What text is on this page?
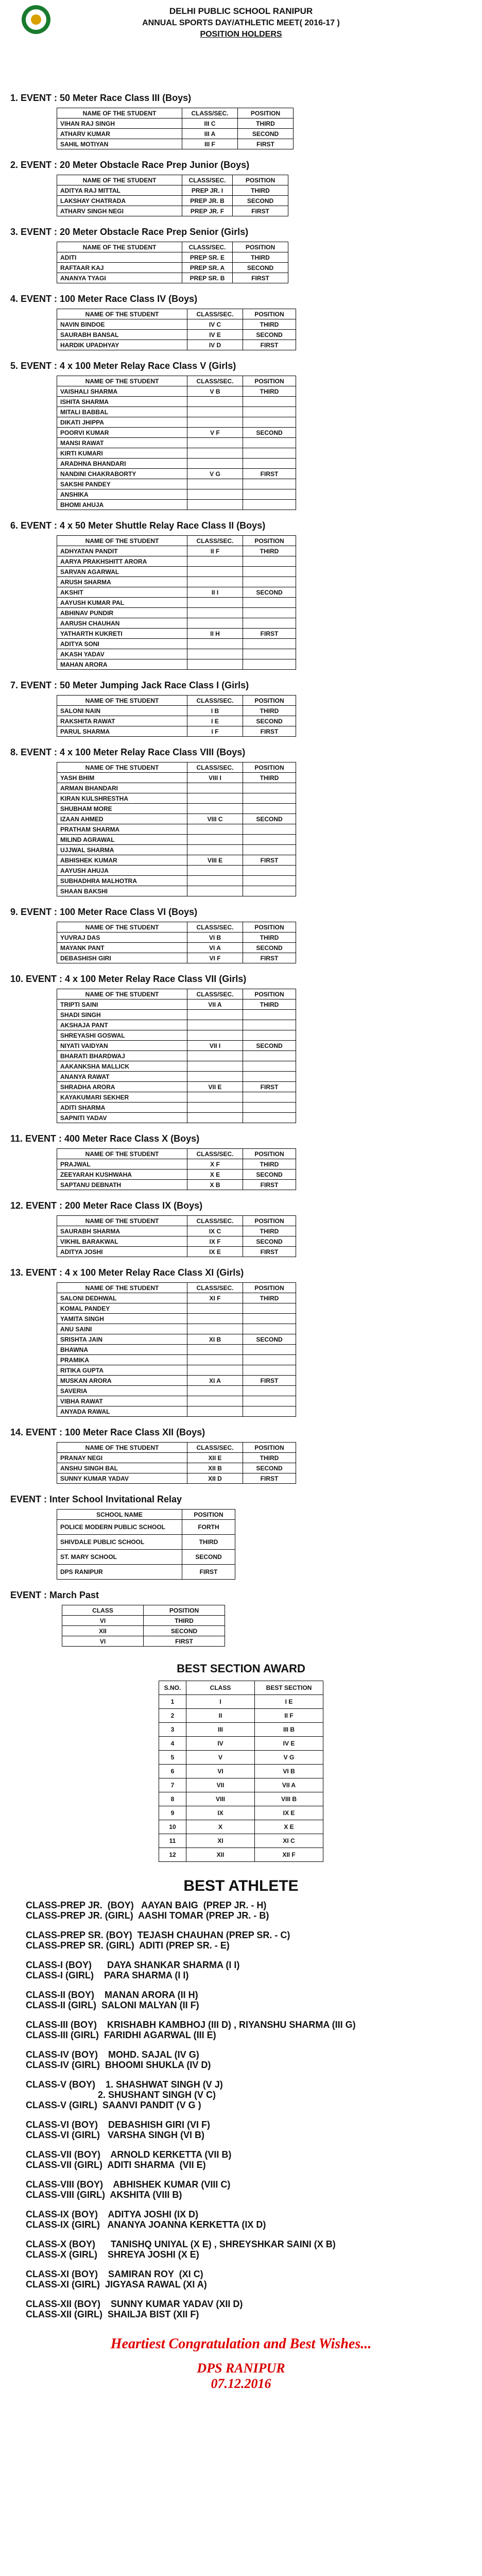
DELHI PUBLIC SCHOOL RANIPUR
ANNUAL SPORTS DAY/ATHLETIC MEET( 2016-17 )
POSITION HOLDERS
1. EVENT : 50 Meter Race Class III (Boys)
NAME OF THE STUDENT	CLASS/SEC.	POSITION
VIHAN RAJ SINGH	III C	THIRD
ATHARV KUMAR	III A	SECOND
SAHIL MOTIYAN	III F	FIRST
2. EVENT : 20 Meter Obstacle Race Prep Junior (Boys)
NAME OF THE STUDENT	CLASS/SEC.	POSITION
ADITYA RAJ MITTAL	PREP JR. I	THIRD
LAKSHAY CHATRADA	PREP JR. B	SECOND
ATHARV SINGH NEGI	PREP JR. F	FIRST
3. EVENT : 20 Meter Obstacle Race Prep Senior (Girls)
NAME OF THE STUDENT	CLASS/SEC.	POSITION
ADITI	PREP SR. E	THIRD
RAFTAAR KAJ	PREP SR. A	SECOND
ANANYA TYAGI	PREP SR. B	FIRST
4. EVENT : 100 Meter Race Class IV (Boys)
NAME OF THE STUDENT	CLASS/SEC.	POSITION
NAVIN BINDOE	IV C	THIRD
SAURABH BANSAL	IV E	SECOND
HARDIK UPADHYAY	IV D	FIRST
5. EVENT : 4 x 100 Meter Relay Race Class V (Girls)
NAME OF THE STUDENT	CLASS/SEC.	POSITION
VAISHALI SHARMA	V B	THIRD
ISHITA SHARMA		
MITALI BABBAL		
DIKATI JHIPPA		
POORVI KUMAR	V F	SECOND
MANSI RAWAT		
KIRTI KUMARI		
ARADHNA BHANDARI		
NANDINI CHAKRABORTY	V G	FIRST
SAKSHI PANDEY		
ANSHIKA		
BHOMI AHUJA		
6. EVENT : 4 x 50 Meter Shuttle Relay Race Class II (Boys)
NAME OF THE STUDENT	CLASS/SEC.	POSITION
ADHYATAN PANDIT	II F	THIRD
AARYA PRAKHSHITT ARORA		
SARVAN AGARWAL		
ARUSH SHARMA		
AKSHIT	II I	SECOND
AAYUSH KUMAR PAL		
ABHINAV PUNDIR		
AARUSH CHAUHAN		
YATHARTH KUKRETI	II H	FIRST
ADITYA SONI		
AKASH YADAV		
MAHAN ARORA		
7. EVENT : 50 Meter Jumping Jack Race Class I (Girls)
NAME OF THE STUDENT	CLASS/SEC.	POSITION
SALONI NAIN	I B	THIRD
RAKSHITA RAWAT	I E	SECOND
PARUL SHARMA	I F	FIRST
8. EVENT : 4 x 100 Meter Relay Race Class VIII (Boys)
NAME OF THE STUDENT	CLASS/SEC.	POSITION
YASH BHIM	VIII I	THIRD
ARMAN BHANDARI		
KIRAN KULSHRESTHA		
SHUBHAM MORE		
IZAAN AHMED	VIII C	SECOND
PRATHAM SHARMA		
MILIND AGRAWAL		
UJJWAL SHARMA		
ABHISHEK KUMAR	VIII E	FIRST
AAYUSH AHUJA		
SUBHADHRA MALHOTRA		
SHAAN BAKSHI		
9. EVENT : 100 Meter Race Class VI (Boys)
NAME OF THE STUDENT	CLASS/SEC.	POSITION
YUVRAJ DAS	VI B	THIRD
MAYANK PANT	VI A	SECOND
DEBASHISH GIRI	VI F	FIRST
10. EVENT : 4 x 100 Meter Relay Race Class VII (Girls)
NAME OF THE STUDENT	CLASS/SEC.	POSITION
TRIPTI SAINI	VII A	THIRD
SHADI SINGH		
AKSHAJA PANT		
SHREYASHI GOSWAL		
NIYATI VAIDYAN	VII I	SECOND
BHARATI BHARDWAJ		
AAKANKSHA MALLICK		
ANANYA RAWAT		
SHRADHA ARORA	VII E	FIRST
KAYAKUMARI SEKHER		
ADITI SHARMA		
SAPNITI YADAV		
11. EVENT : 400 Meter Race Class X (Boys)
NAME OF THE STUDENT	CLASS/SEC.	POSITION
PRAJWAL	X F	THIRD
ZEEYARAH KUSHWAHA	X E	SECOND
SAPTANU DEBNATH	X B	FIRST
12. EVENT : 200 Meter Race Class IX (Boys)
NAME OF THE STUDENT	CLASS/SEC.	POSITION
SAURABH SHARMA	IX C	THIRD
VIKHIL BARAKWAL	IX F	SECOND
ADITYA JOSHI	IX E	FIRST
13. EVENT : 4 x 100 Meter Relay Race Class XI (Girls)
NAME OF THE STUDENT	CLASS/SEC.	POSITION
SALONI DEDHWAL	XI F	THIRD
KOMAL PANDEY		
YAMITA SINGH		
ANU SAINI		
SRISHTA JAIN	XI B	SECOND
BHAWNA		
PRAMIKA		
RITIKA GUPTA		
MUSKAN ARORA	XI A	FIRST
SAVERIA		
VIBHA RAWAT		
ANYADA RAWAL		
14. EVENT : 100 Meter Race Class XII (Boys)
NAME OF THE STUDENT	CLASS/SEC.	POSITION
PRANAY NEGI	XII E	THIRD
ANSHU SINGH BAL	XII B	SECOND
SUNNY KUMAR YADAV	XII D	FIRST
EVENT : Inter School Invitational Relay
SCHOOL NAME	POSITION
POLICE MODERN PUBLIC SCHOOL	FORTH
SHIVDALE PUBLIC SCHOOL	THIRD
ST. MARY SCHOOL	SECOND
DPS RANIPUR	FIRST
EVENT : March Past
CLASS	POSITION
VI	THIRD
XII	SECOND
VI	FIRST
BEST SECTION AWARD
S.NO.	CLASS	BEST SECTION
1	I	I E
2	II	II F
3	III	III B
4	IV	IV E
5	V	V G
6	VI	VI B
7	VII	VII A
8	VIII	VIII B
9	IX	IX E
10	X	X E
11	XI	XI C
12	XII	XII F
BEST ATHLETE
CLASS-PREP JR.  (BOY)   AAYAN BAIG  (PREP JR. - H)
CLASS-PREP JR. (GIRL)  AASHI TOMAR (PREP JR. - B)
CLASS-PREP SR. (BOY)  TEJASH CHAUHAN (PREP SR. - C)
CLASS-PREP SR. (GIRL)  ADITI (PREP SR. - E)
CLASS-I (BOY)      DAYA SHANKAR SHARMA (I I)
CLASS-I (GIRL)    PARA SHARMA (I I)
CLASS-II (BOY)    MANAN ARORA (II H)
CLASS-II (GIRL)  SALONI MALYAN (II F)
CLASS-III (BOY)    KRISHABH KAMBHOJ (III D) , RIYANSHU SHARMA (III G)
CLASS-III (GIRL)  FARIDHI AGARWAL (III E)
CLASS-IV (BOY)    MOHD. SAJAL (IV G)
CLASS-IV (GIRL)  BHOOMI SHUKLA (IV D)
CLASS-V (BOY)    1. SHASHWAT SINGH (V J)
2. SHUSHANT SINGH (V C)
CLASS-V (GIRL)  SAANVI PANDIT (V G )
CLASS-VI (BOY)    DEBASHISH GIRI (VI F)
CLASS-VI (GIRL)   VARSHA SINGH (VI B)
CLASS-VII (BOY)    ARNOLD KERKETTA (VII B)
CLASS-VII (GIRL)  ADITI SHARMA  (VII E)
CLASS-VIII (BOY)    ABHISHEK KUMAR (VIII C)
CLASS-VIII (GIRL)  AKSHITA (VIII B)
CLASS-IX (BOY)    ADITYA JOSHI (IX D)
CLASS-IX (GIRL)   ANANYA JOANNA KERKETTA (IX D)
CLASS-X (BOY)      TANISHQ UNIYAL (X E) , SHREYSHKAR SAINI (X B)
CLASS-X (GIRL)    SHREYA JOSHI (X E)
CLASS-XI (BOY)    SAMIRAN ROY  (XI C)
CLASS-XI (GIRL)  JIGYASA RAWAL (XI A)
CLASS-XII (BOY)    SUNNY KUMAR YADAV (XII D)
CLASS-XII (GIRL)  SHAILJA BIST (XII F)
Heartiest Congratulation and Best Wishes...
DPS RANIPUR
07.12.2016
